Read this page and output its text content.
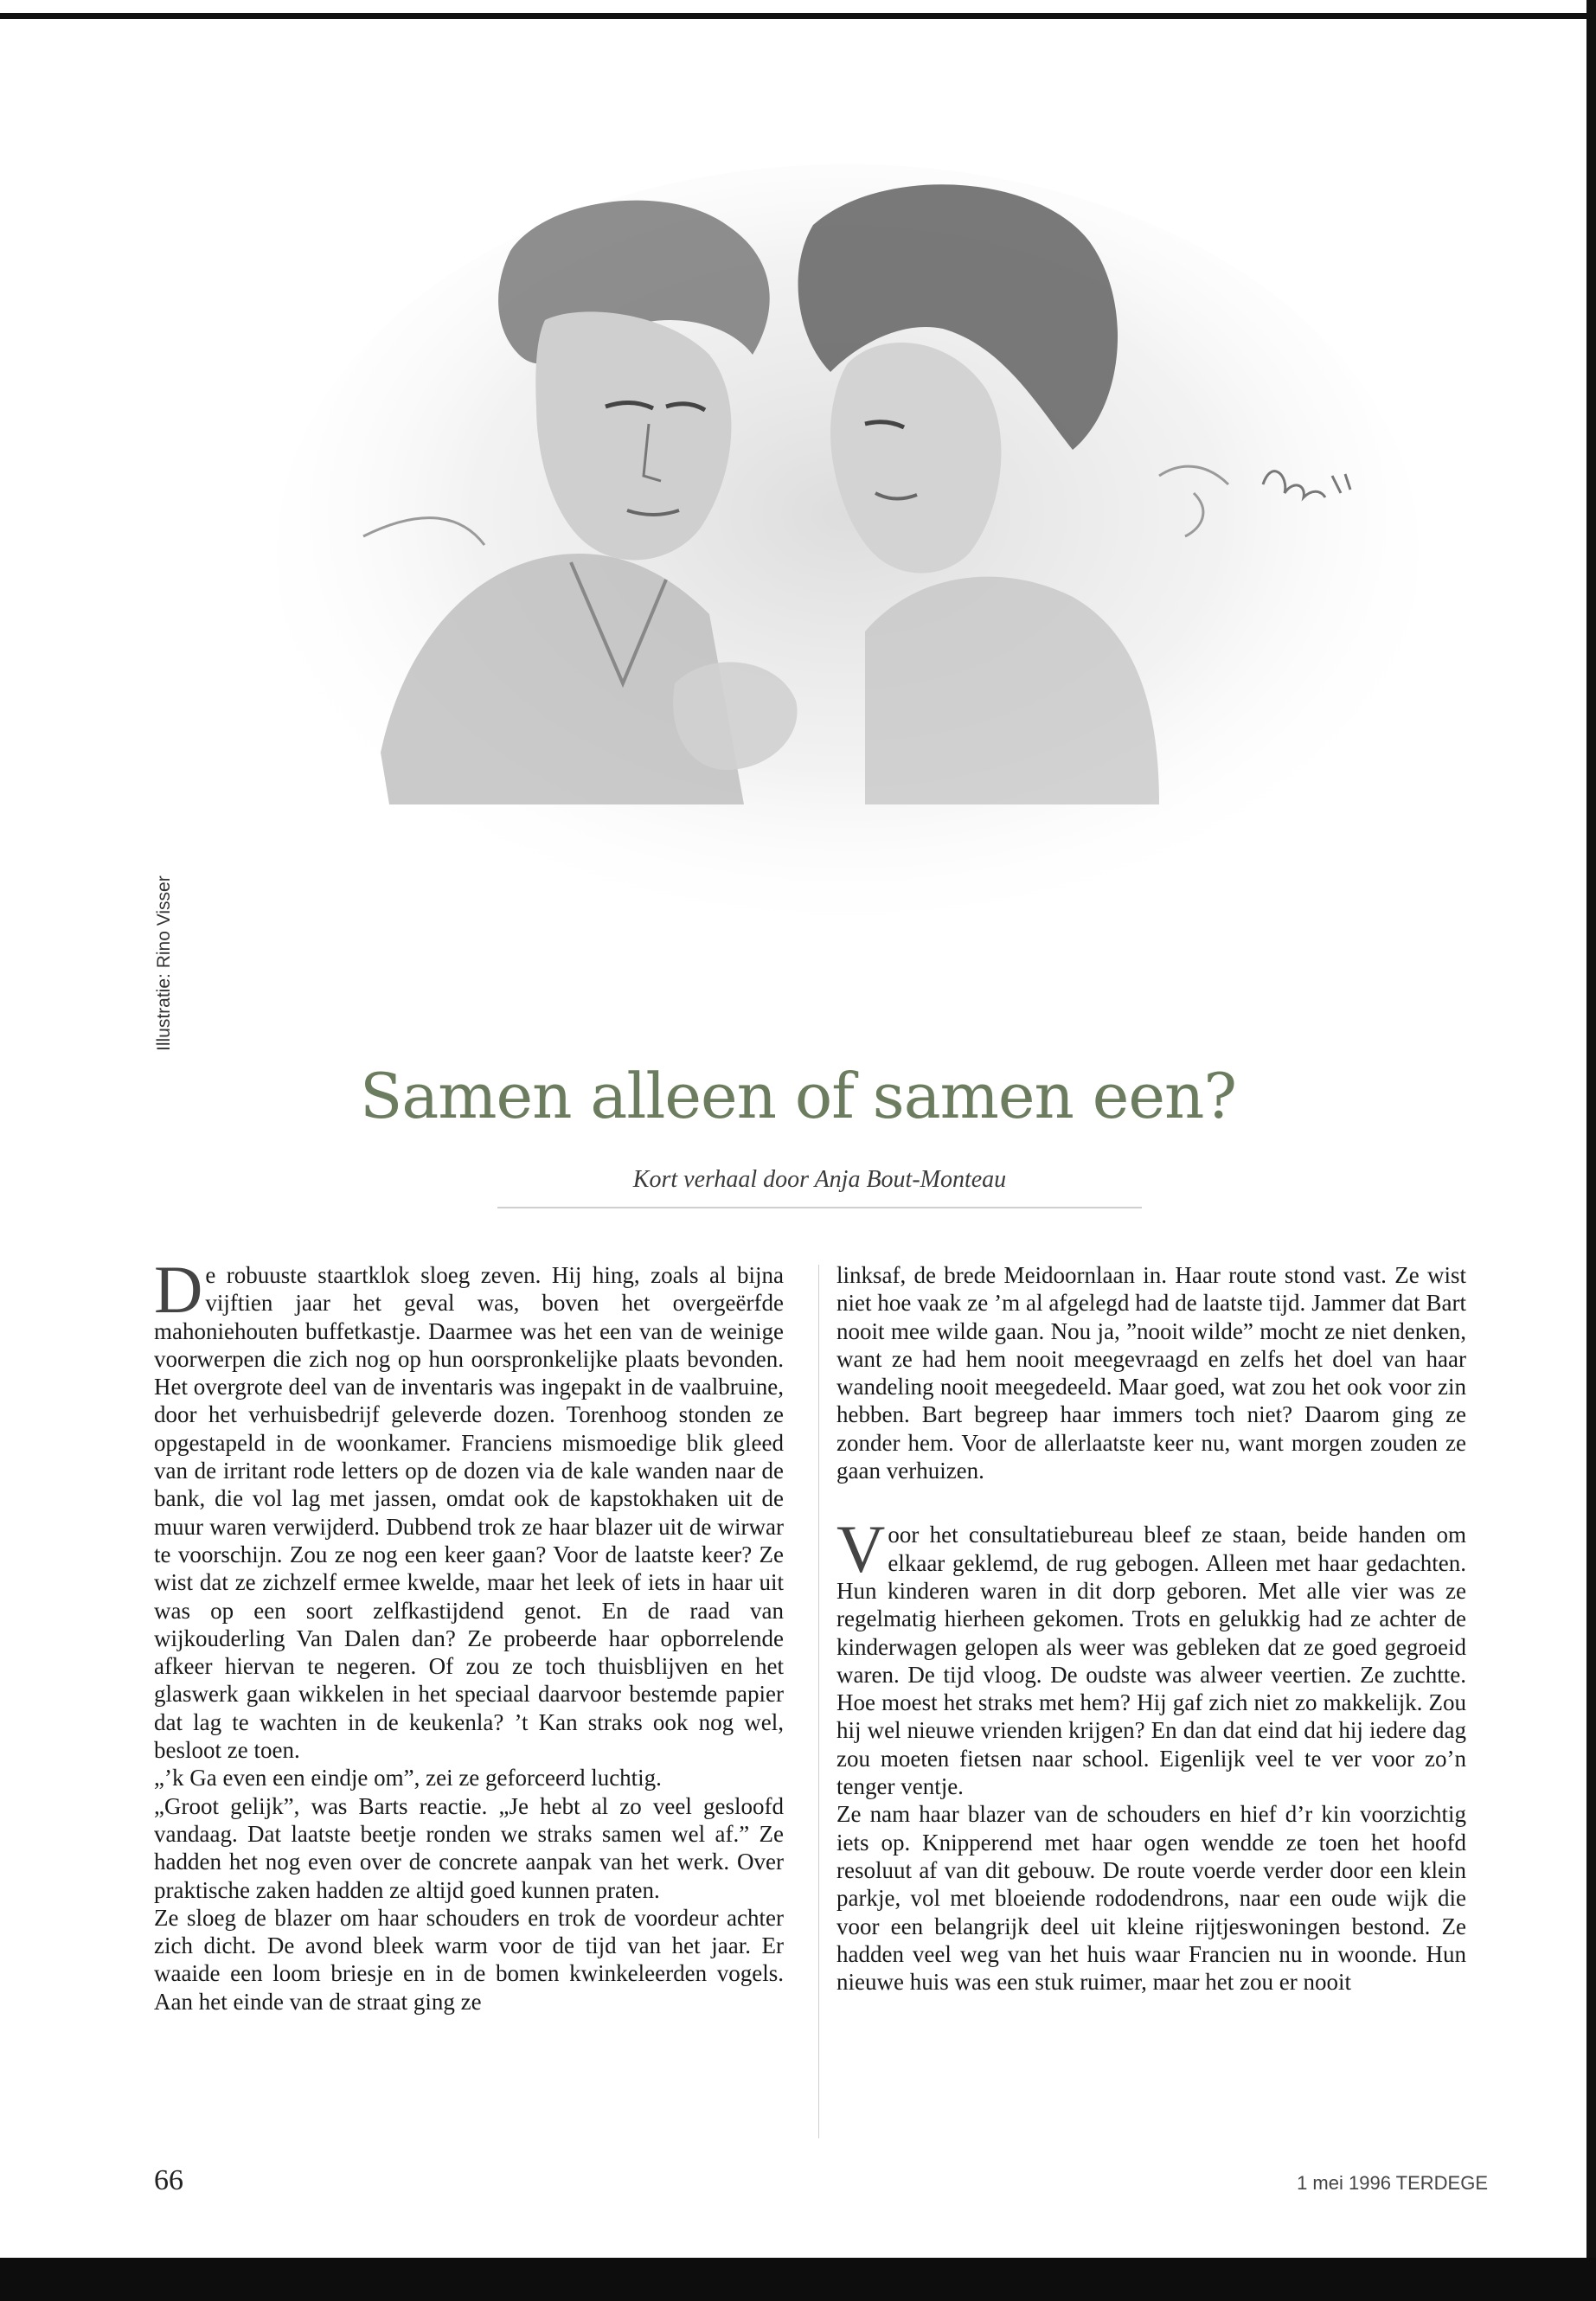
Illustratie: Rino Visser
Samen alleen of samen een?
Kort verhaal door Anja Bout-Monteau

De robuuste staartklok sloeg zeven. Hij hing, zoals al bijna vijftien jaar het geval was, boven het overgeërfde mahoniehouten buffetkastje. Daarmee was het een van de weinige voorwerpen die zich nog op hun oorspronkelijke plaats bevonden. Het overgrote deel van de inventaris was ingepakt in de vaalbruine, door het verhuisbedrijf geleverde dozen. Torenhoog stonden ze opgestapeld in de woonkamer. Franciens mismoedige blik gleed van de irritant rode letters op de dozen via de kale wanden naar de bank, die vol lag met jassen, omdat ook de kapstokhaken uit de muur waren verwijderd. Dubbend trok ze haar blazer uit de wirwar te voorschijn. Zou ze nog een keer gaan? Voor de laatste keer? Ze wist dat ze zichzelf ermee kwelde, maar het leek of iets in haar uit was op een soort zelfkastijdend genot. En de raad van wijkouderling Van Dalen dan? Ze probeerde haar opborrelende afkeer hiervan te negeren. Of zou ze toch thuisblijven en het glaswerk gaan wikkelen in het speciaal daarvoor bestemde papier dat lag te wachten in de keukenla? ’t Kan straks ook nog wel, besloot ze toen.

„’k Ga even een eindje om”, zei ze geforceerd luchtig.

„Groot gelijk”, was Barts reactie. „Je hebt al zo veel gesloofd vandaag. Dat laatste beetje ronden we straks samen wel af.” Ze hadden het nog even over de concrete aanpak van het werk. Over praktische zaken hadden ze altijd goed kunnen praten.

Ze sloeg de blazer om haar schouders en trok de voordeur achter zich dicht. De avond bleek warm voor de tijd van het jaar. Er waaide een loom briesje en in de bomen kwinkeleerden vogels. Aan het einde van de straat ging ze

linksaf, de brede Meidoornlaan in. Haar route stond vast. Ze wist niet hoe vaak ze ’m al afgelegd had de laatste tijd. Jammer dat Bart nooit mee wilde gaan. Nou ja, ”nooit wilde” mocht ze niet denken, want ze had hem nooit meegevraagd en zelfs het doel van haar wandeling nooit meegedeeld. Maar goed, wat zou het ook voor zin hebben. Bart begreep haar immers toch niet? Daarom ging ze zonder hem. Voor de allerlaatste keer nu, want morgen zouden ze gaan verhuizen.

Voor het consultatiebureau bleef ze staan, beide handen om elkaar geklemd, de rug gebogen. Alleen met haar gedachten. Hun kinderen waren in dit dorp geboren. Met alle vier was ze regelmatig hierheen gekomen. Trots en gelukkig had ze achter de kinderwagen gelopen als weer was gebleken dat ze goed gegroeid waren. De tijd vloog. De oudste was alweer veertien. Ze zuchtte. Hoe moest het straks met hem? Hij gaf zich niet zo makkelijk. Zou hij wel nieuwe vrienden krijgen? En dan dat eind dat hij iedere dag zou moeten fietsen naar school. Eigenlijk veel te ver voor zo’n tenger ventje.

Ze nam haar blazer van de schouders en hief d’r kin voorzichtig iets op. Knipperend met haar ogen wendde ze toen het hoofd resoluut af van dit gebouw. De route voerde verder door een klein parkje, vol met bloeiende rododendrons, naar een oude wijk die voor een belangrijk deel uit kleine rijtjeswoningen bestond. Ze hadden veel weg van het huis waar Francien nu in woonde. Hun nieuwe huis was een stuk ruimer, maar het zou er nooit

66	1 mei 1996 TERDEGE
